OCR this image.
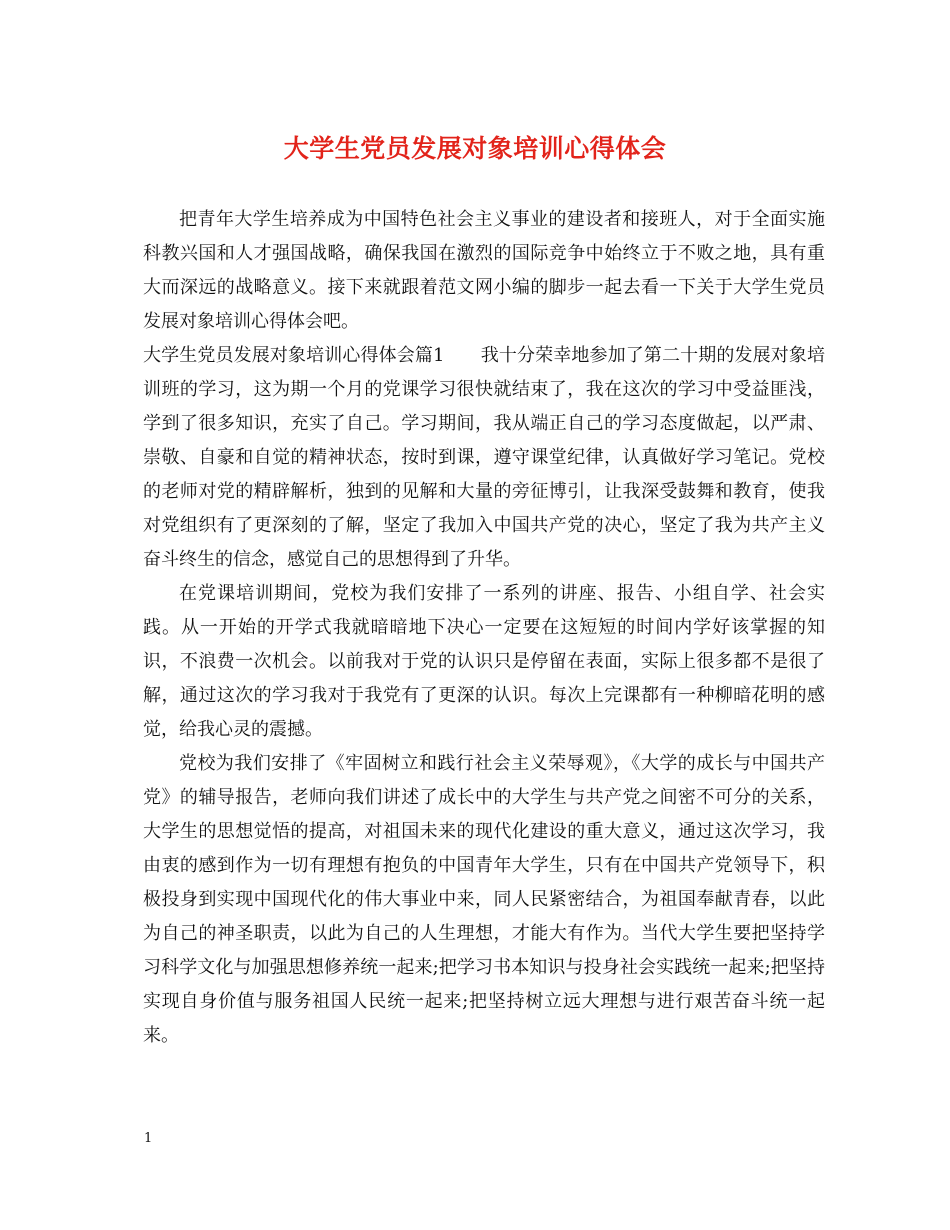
大学生党员发展对象培训心得体会

把青年大学生培养成为中国特色社会主义事业的建设者和接班人，对于全面实施科教兴国和人才强国战略，确保我国在激烈的国际竞争中始终立于不败之地，具有重大而深远的战略意义。接下来就跟着范文网小编的脚步一起去看一下关于大学生党员发展对象培训心得体会吧。

大学生党员发展对象培训心得体会篇1　　我十分荣幸地参加了第二十期的发展对象培训班的学习，这为期一个月的党课学习很快就结束了，我在这次的学习中受益匪浅，学到了很多知识，充实了自己。学习期间，我从端正自己的学习态度做起，以严肃、崇敬、自豪和自觉的精神状态，按时到课，遵守课堂纪律，认真做好学习笔记。党校的老师对党的精辟解析，独到的见解和大量的旁征博引，让我深受鼓舞和教育，使我对党组织有了更深刻的了解，坚定了我加入中国共产党的决心，坚定了我为共产主义奋斗终生的信念，感觉自己的思想得到了升华。

在党课培训期间，党校为我们安排了一系列的讲座、报告、小组自学、社会实践。从一开始的开学式我就暗暗地下决心一定要在这短短的时间内学好该掌握的知识，不浪费一次机会。以前我对于党的认识只是停留在表面，实际上很多都不是很了解，通过这次的学习我对于我党有了更深的认识。每次上完课都有一种柳暗花明的感觉，给我心灵的震撼。

党校为我们安排了《牢固树立和践行社会主义荣辱观》，《大学的成长与中国共产党》的辅导报告，老师向我们讲述了成长中的大学生与共产党之间密不可分的关系，大学生的思想觉悟的提高，对祖国未来的现代化建设的重大意义，通过这次学习，我由衷的感到作为一切有理想有抱负的中国青年大学生，只有在中国共产党领导下，积极投身到实现中国现代化的伟大事业中来，同人民紧密结合，为祖国奉献青春，以此为自己的神圣职责，以此为自己的人生理想，才能大有作为。当代大学生要把坚持学习科学文化与加强思想修养统一起来;把学习书本知识与投身社会实践统一起来;把坚持实现自身价值与服务祖国人民统一起来;把坚持树立远大理想与进行艰苦奋斗统一起来。

1
